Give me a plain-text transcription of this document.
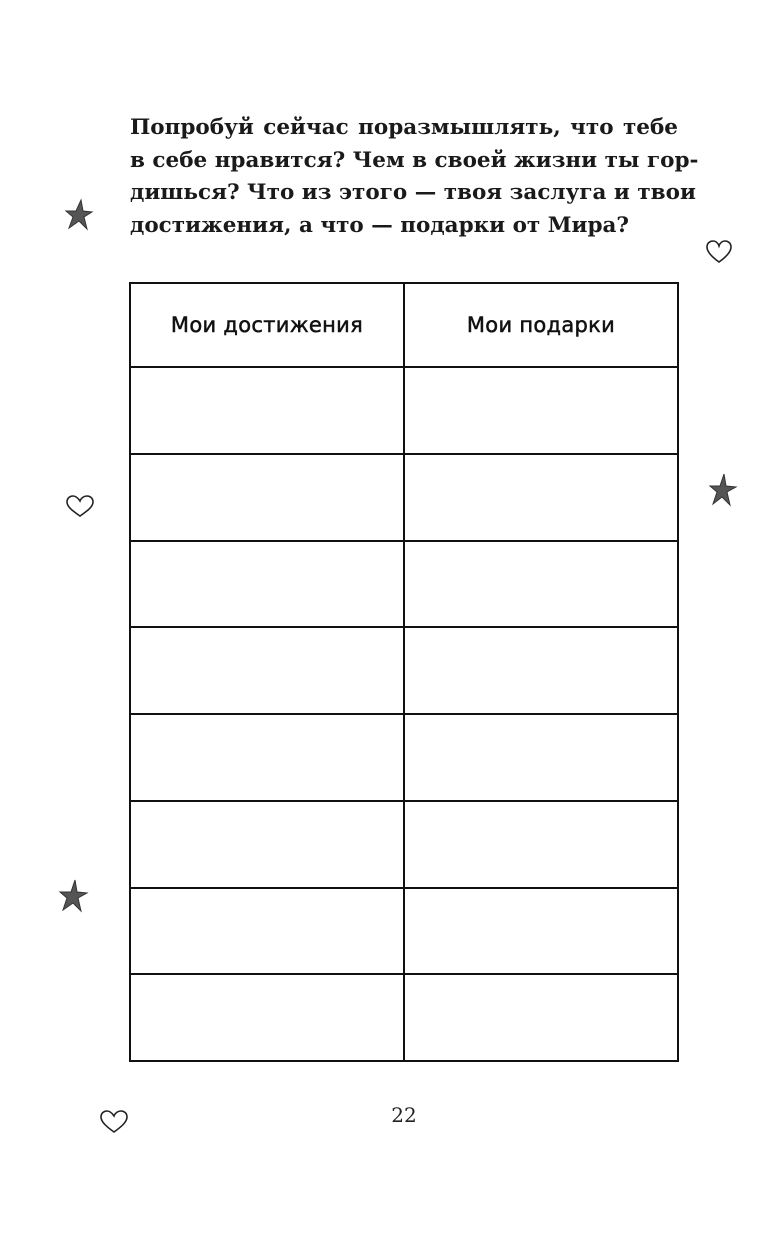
Попробуй сейчас поразмышлять, что тебе
в себе нравится? Чем в своей жизни ты гор-
дишься? Что из этого — твоя заслуга и твои
достижения, а что — подарки от Мира?
Мои достижения	Мои подарки

22
